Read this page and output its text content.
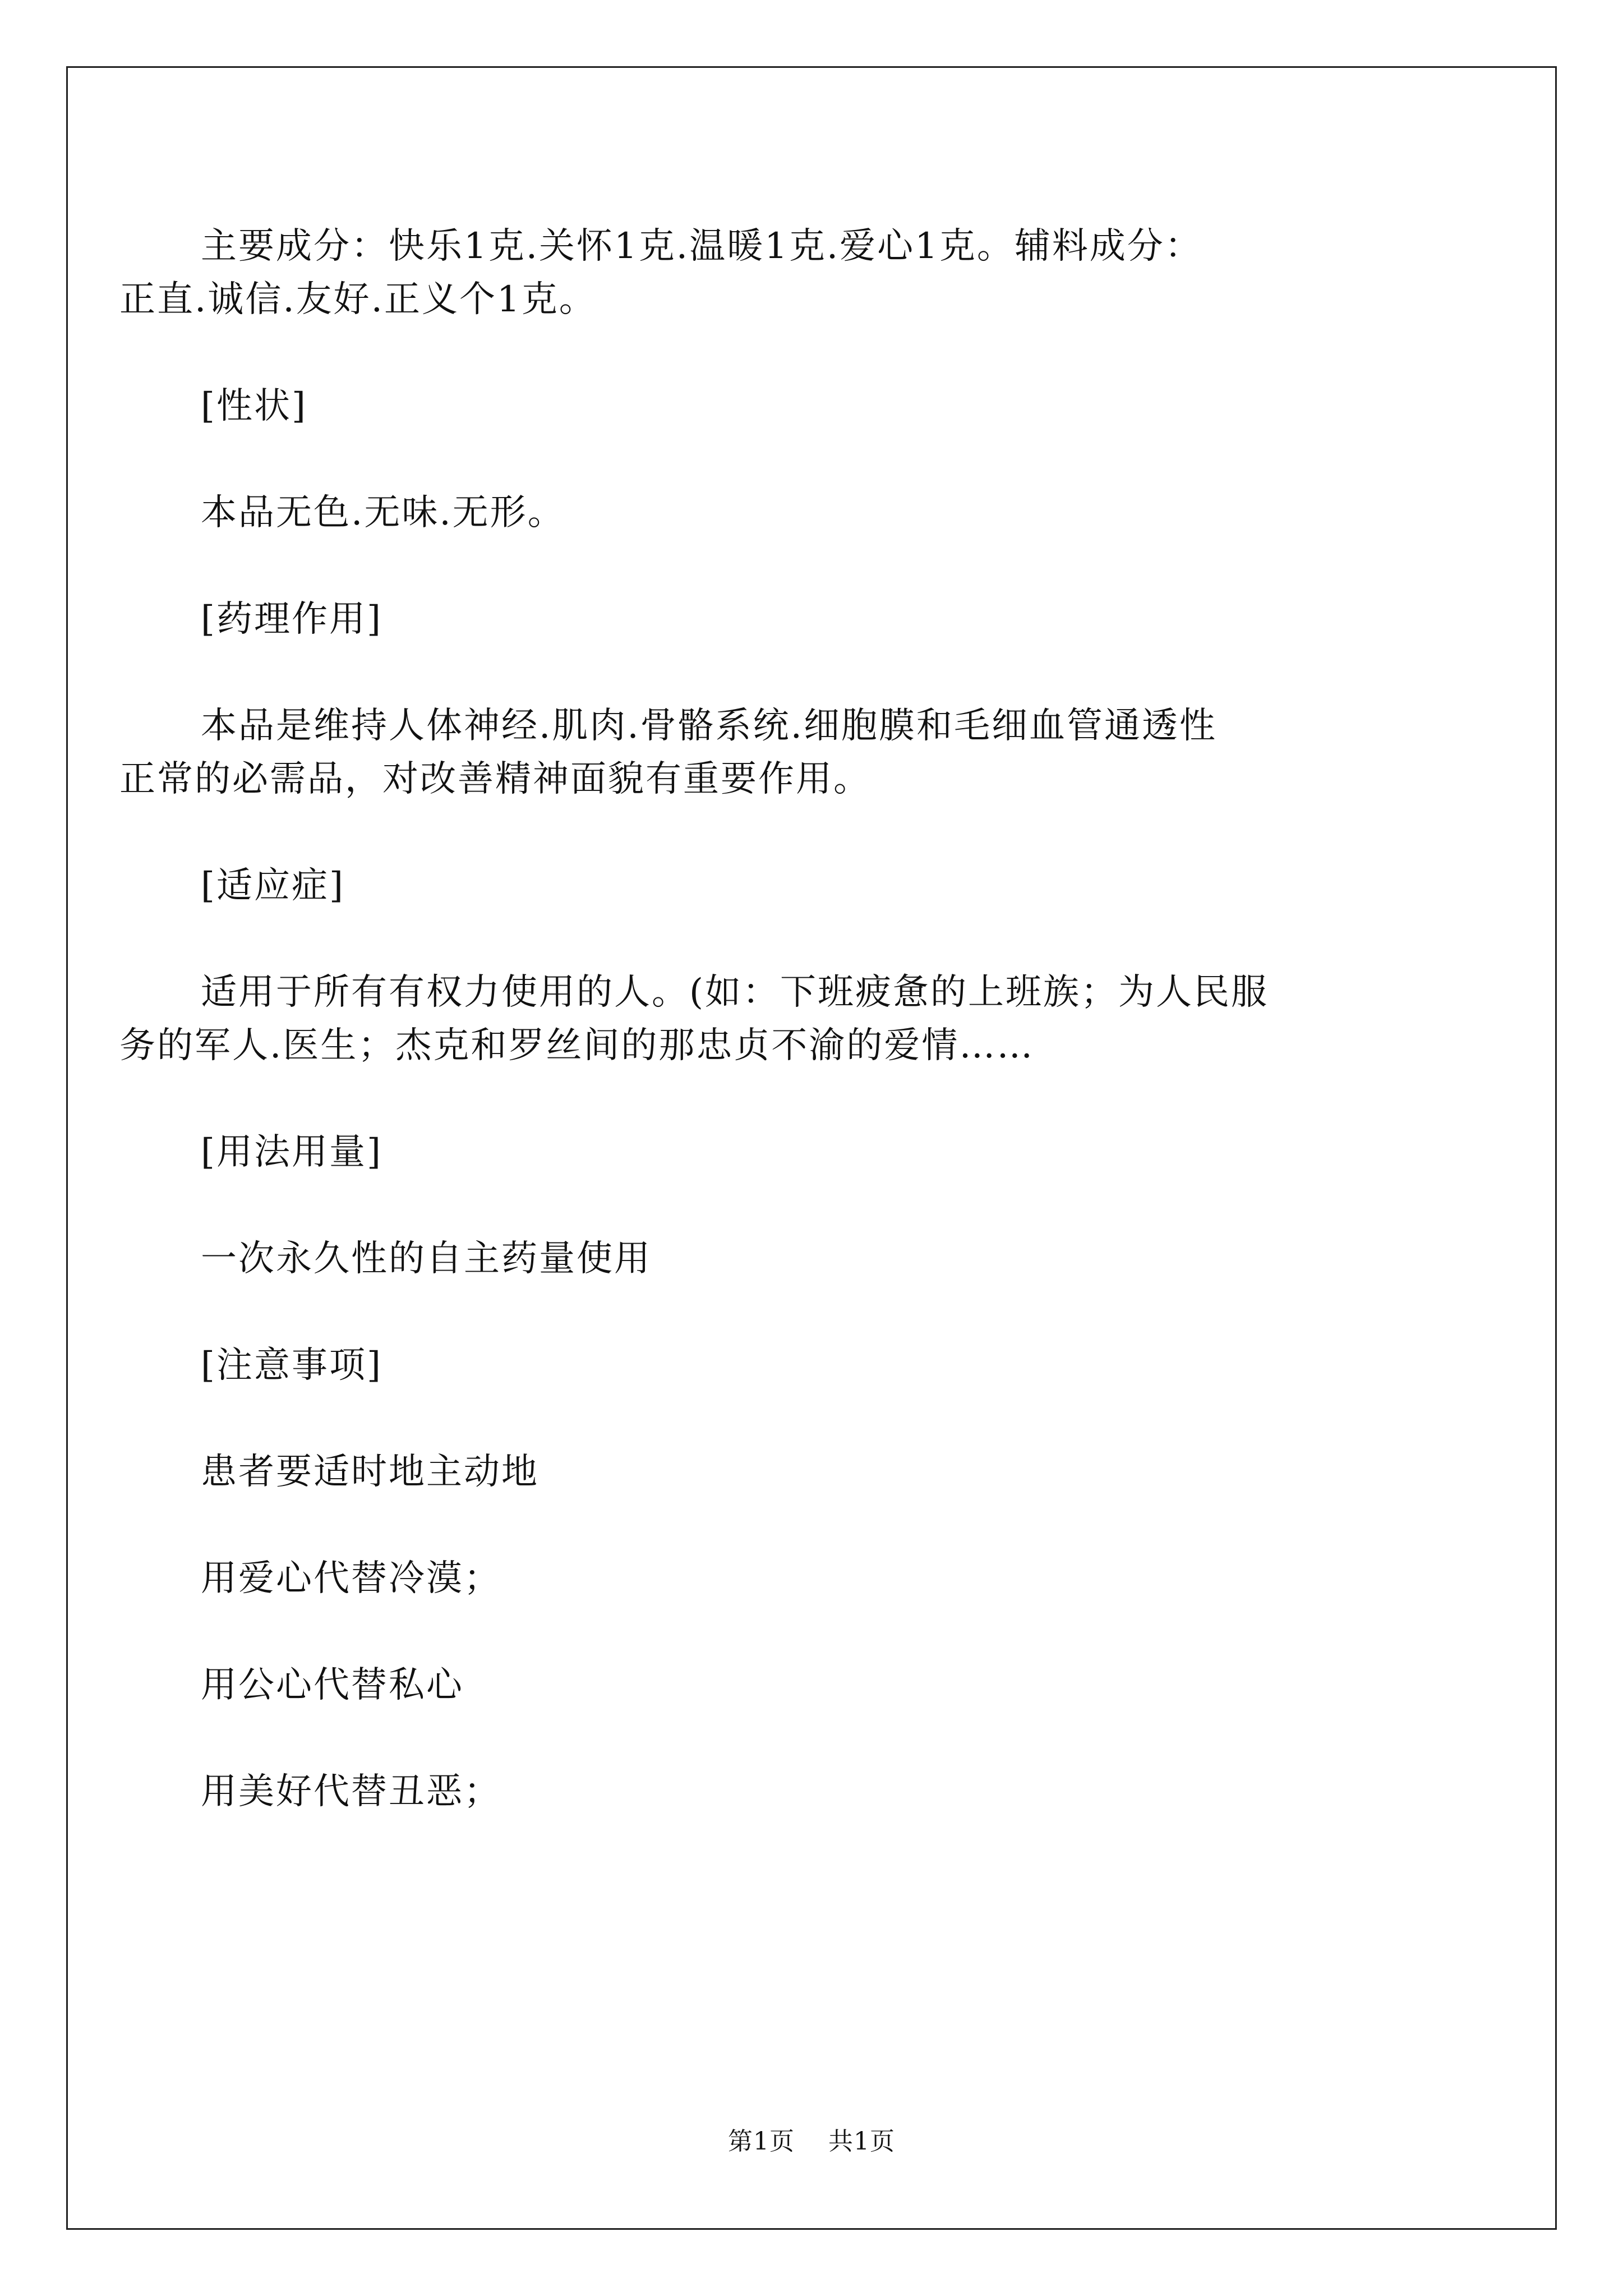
主要成分：快乐1克.关怀1克.温暖1克.爱心1克。辅料成分：
正直.诚信.友好.正义个1克。

[性状]

本品无色.无味.无形。

[药理作用]

本品是维持人体神经.肌肉.骨骼系统.细胞膜和毛细血管通透性
正常的必需品，对改善精神面貌有重要作用。

[适应症]

适用于所有有权力使用的人。(如：下班疲惫的上班族；为人民服
务的军人.医生；杰克和罗丝间的那忠贞不渝的爱情……

[用法用量]

一次永久性的自主药量使用

[注意事项]

患者要适时地主动地

用爱心代替冷漠；

用公心代替私心

用美好代替丑恶；

第1页 共1页
